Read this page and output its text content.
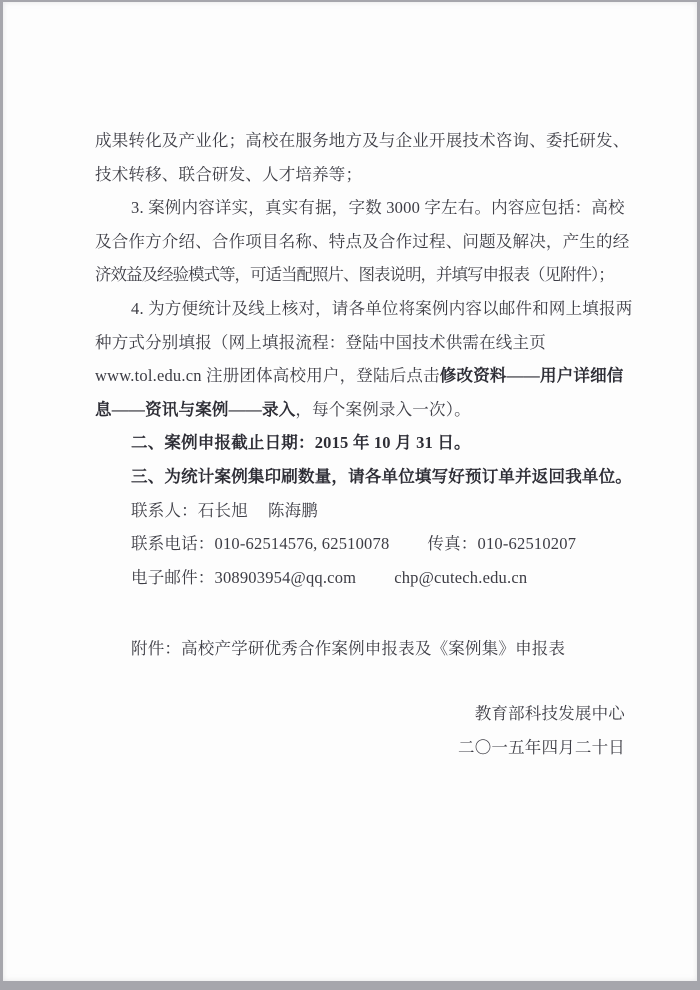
成果转化及产业化；高校在服务地方及与企业开展技术咨询、委托研发、
技术转移、联合研发、人才培养等；
3. 案例内容详实，真实有据，字数 3000 字左右。内容应包括：高校
及合作方介绍、合作项目名称、特点及合作过程、问题及解决，产生的经
济效益及经验模式等，可适当配照片、图表说明，并填写申报表（见附件）；
4. 为方便统计及线上核对，请各单位将案例内容以邮件和网上填报两
种方式分别填报（网上填报流程：登陆中国技术供需在线主页
www.tol.edu.cn 注册团体高校用户，登陆后点击修改资料——用户详细信
息——资讯与案例——录入，每个案例录入一次）。
二、案例申报截止日期：2015 年 10 月 31 日。
三、为统计案例集印刷数量，请各单位填写好预订单并返回我单位。
联系人：石长旭 陈海鹏
联系电话：010-62514576, 62510078 传真：010-62510207
电子邮件：308903954@qq.com chp@cutech.edu.cn
附件：高校产学研优秀合作案例申报表及《案例集》申报表
教育部科技发展中心
二〇一五年四月二十日
